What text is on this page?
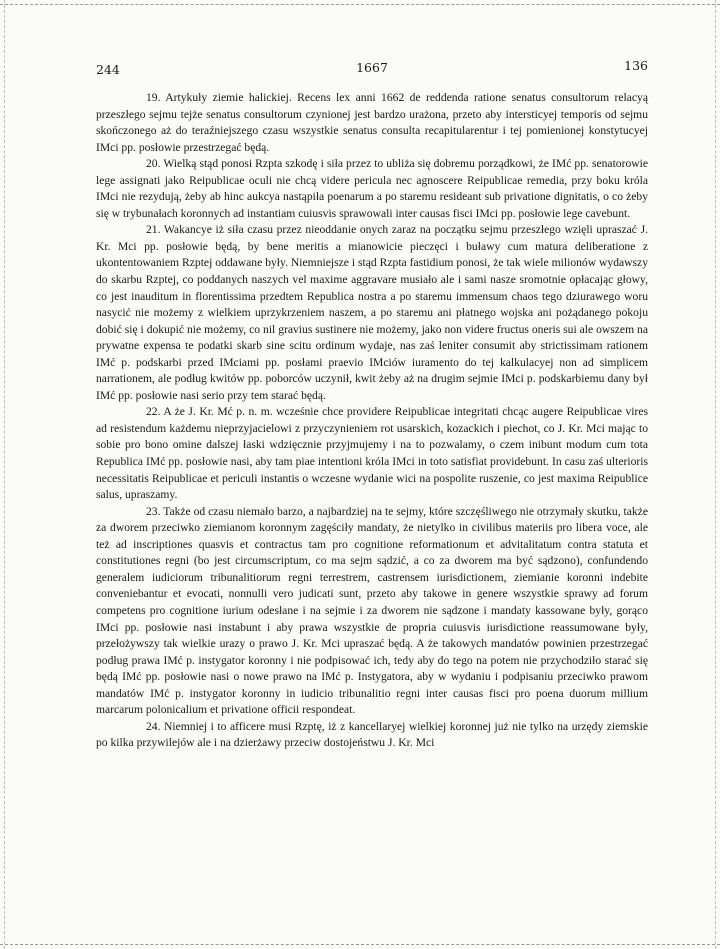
244	1667	136

19. Artykuły ziemie halickiej. Recens lex anni 1662 de reddenda ratione senatus consultorum relacyą przeszłego sejmu tejże senatus consultorum czynionej jest bardzo urażona, przeto aby intersticyej temporis od sejmu skończonego aż do teraźniejszego czasu wszystkie senatus consulta recapitularentur i tej pomienionej konstytucyej IMci pp. posłowie przestrzegać będą.

20. Wielką stąd ponosi Rzpta szkodę i siła przez to ubliża się dobremu porządkowi, że IMć pp. senatorowie lege assignati jako Reipublicae oculi nie chcą videre pericula nec agnoscere Reipublicae remedia, przy boku króla IMci nie rezydują, żeby ab hinc aukcya nastąpiła poenarum a po staremu resideant sub privatione dignitatis, o co żeby się w trybunałach koronnych ad instantiam cuiusvis sprawowali inter causas fisci IMci pp. posłowie lege cavebunt.

21. Wakancye iż siła czasu przez nieoddanie onych zaraz na początku sejmu przeszłego wzięli upraszać J. Kr. Mci pp. posłowie będą, by bene meritis a mianowicie pieczęci i buławy cum matura deliberatione z ukontentowaniem Rzptej oddawane były. Niemniejsze i stąd Rzpta fastidium ponosi, że tak wiele milionów wydawszy do skarbu Rzptej, co poddanych naszych vel maxime aggravare musiało ale i sami nasze sromotnie opłacając głowy, co jest inauditum in florentissima przedtem Republica nostra a po staremu immensum chaos tego dziurawego woru nasycić nie możemy z wielkiem uprzykrzeniem naszem, a po staremu ani płatnego wojska ani pożądanego pokoju dobić się i dokupić nie możemy, co nil gravius sustinere nie możemy, jako non videre fructus oneris sui ale owszem na prywatne expensa te podatki skarb sine scitu ordinum wydaje, nas zaś leniter consumit aby strictissimam rationem IMć p. podskarbi przed IMciami pp. posłami praevio IMciów iuramento do tej kalkulacyej non ad simplicem narrationem, ale podług kwitów pp. poborców uczynił, kwit żeby aż na drugim sejmie IMci p. podskarbiemu dany był IMć pp. posłowie nasi serio przy tem starać będą.

22. A że J. Kr. Mć p. n. m. wcześnie chce providere Reipublicae integritati chcąc augere Reipublicae vires ad resistendum każdemu nieprzyjacielowi z przyczynieniem rot usarskich, kozackich i piechot, co J. Kr. Mci mając to sobie pro bono omine dalszej łaski wdzięcznie przyjmujemy i na to pozwalamy, o czem inibunt modum cum tota Republica IMć pp. posłowie nasi, aby tam piae intentioni króla IMci in toto satisfiat providebunt. In casu zaś ulterioris necessitatis Reipublicae et periculi instantis o wczesne wydanie wici na pospolite ruszenie, co jest maxima Reipublice salus, upraszamy.

23. Także od czasu niemało barzo, a najbardziej na te sejmy, które szczęśliwego nie otrzymały skutku, także za dworem przeciwko ziemianom koronnym zagęściły mandaty, że nietylko in civilibus materiis pro libera voce, ale też ad inscriptiones quasvis et contractus tam pro cognitione reformationum et advitalitatum contra statuta et constitutiones regni (bo jest circumscriptum, co ma sejm sądzić, a co za dworem ma być sądzono), confundendo generalem iudiciorum tribunalitiorum regni terrestrem, castrensem iurisdictionem, ziemianie koronni indebite conveniebantur et evocati, nonnulli vero judicati sunt, przeto aby takowe in genere wszystkie sprawy ad forum competens pro cognitione iurium odesłane i na sejmie i za dworem nie sądzone i mandaty kassowane były, gorąco IMci pp. posłowie nasi instabunt i aby prawa wszystkie de propria cuiusvis iurisdictione reassumowane były, przełożywszy tak wielkie urazy o prawo J. Kr. Mci upraszać będą. A że takowych mandatów powinien przestrzegać podług prawa IMć p. instygator koronny i nie podpisować ich, tedy aby do tego na potem nie przychodziło starać się będą IMć pp. posłowie nasi o nowe prawo na IMć p. Instygatora, aby w wydaniu i podpisaniu przeciwko prawom mandatów IMć p. instygator koronny in iudicio tribunalitio regni inter causas fisci pro poena duorum millium marcarum polonicalium et privatione officii respondeat.

24. Niemniej i to afficere musi Rzptę, iż z kancellaryej wielkiej koronnej już nie tylko na urzędy ziemskie po kilka przywilejów ale i na dzierżawy przeciw dostojeństwu J. Kr. Mci
